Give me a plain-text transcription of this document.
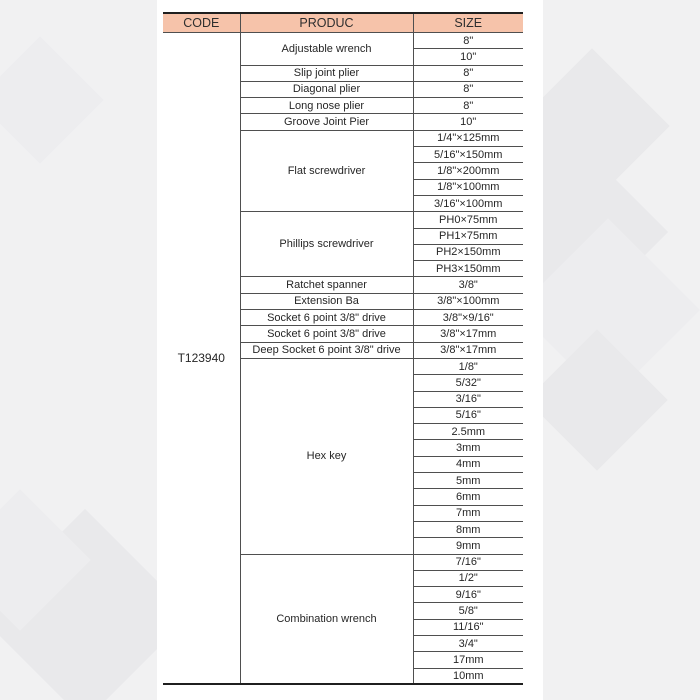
CODE	PRODUC	SIZE
T123940	Adjustable wrench	8"
		10"
	Slip joint plier	8"
	Diagonal plier	8"
	Long nose plier	8"
	Groove Joint Pier	10"
	Flat screwdriver	1/4"×125mm
		5/16"×150mm
		1/8"×200mm
		1/8"×100mm
		3/16"×100mm
	Phillips screwdriver	PH0×75mm
		PH1×75mm
		PH2×150mm
		PH3×150mm
	Ratchet spanner	3/8"
	Extension Ba	3/8"×100mm
	Socket 6 point 3/8" drive	3/8"×9/16"
	Socket 6 point 3/8" drive	3/8"×17mm
	Deep Socket 6 point 3/8" drive	3/8"×17mm
	Hex key	1/8"
		5/32"
		3/16"
		5/16"
		2.5mm
		3mm
		4mm
		5mm
		6mm
		7mm
		8mm
		9mm
	Combination wrench	7/16"
		1/2"
		9/16"
		5/8"
		11/16"
		3/4"
		17mm
		10mm
